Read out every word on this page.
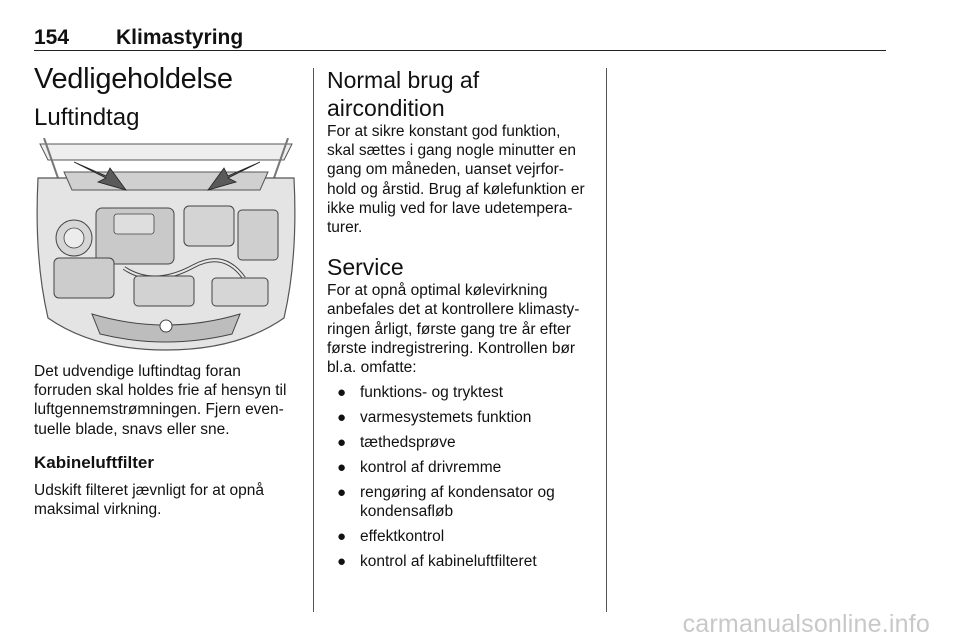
154 Klimastyring
Vedligeholdelse
Luftindtag

Det udvendige luftindtag foran
forruden skal holdes frie af hensyn til
luftgennemstrømningen. Fjern even-
tuelle blade, snavs eller sne.

Kabineluftfilter

Udskift filteret jævnligt for at opnå
maksimal virkning.

Normal brug af aircondition

For at sikre konstant god funktion,
skal sættes i gang nogle minutter en
gang om måneden, uanset vejrfor-
hold og årstid. Brug af kølefunktion er
ikke mulig ved for lave udetempera-
turer.

Service

For at opnå optimal kølevirkning
anbefales det at kontrollere klimasty-
ringen årligt, første gang tre år efter
første indregistrering. Kontrollen bør
bl.a. omfatte:

● funktions- og tryktest
● varmesystemets funktion
● tæthedsprøve
● kontrol af drivremme
● rengøring af kondensator og
kondensafløb
● effektkontrol
● kontrol af kabineluftfilteret
carmanualsonline.info
